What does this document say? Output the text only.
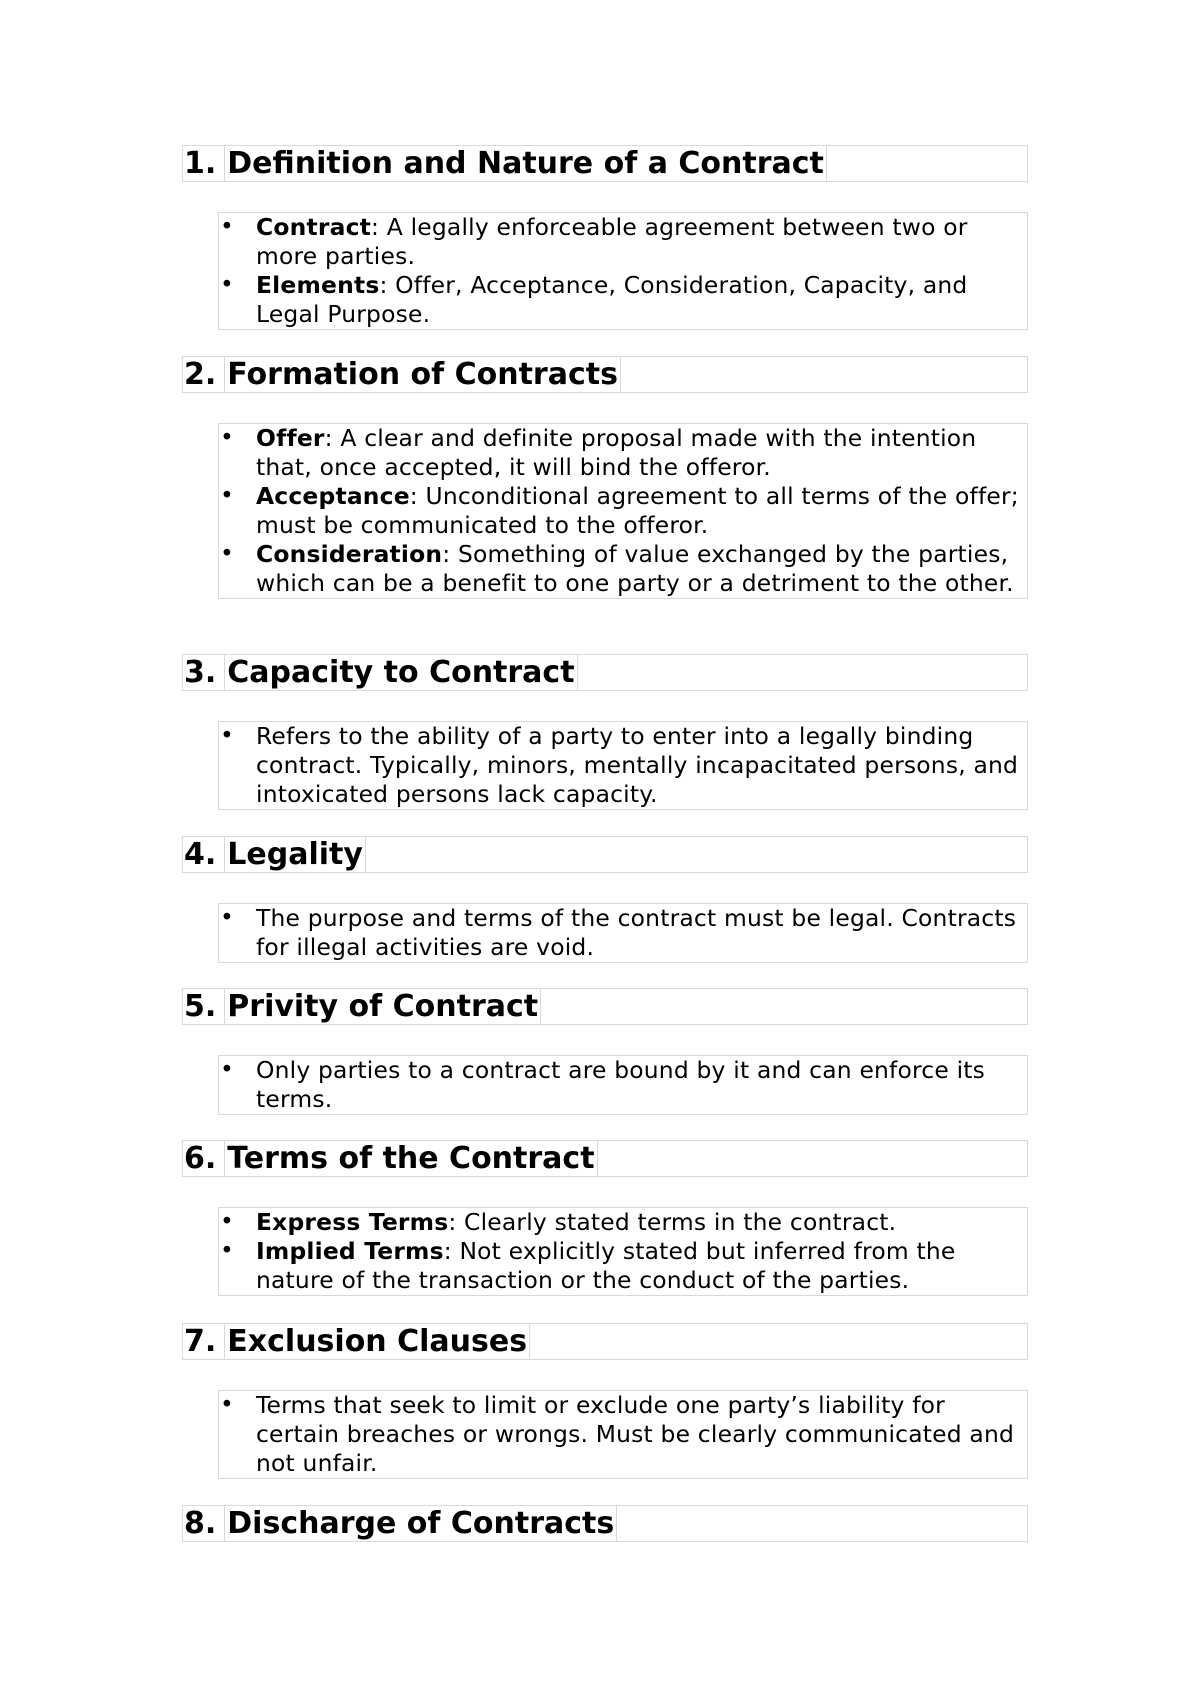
1. Definition and Nature of a Contract
• Contract: A legally enforceable agreement between two or more parties.
• Elements: Offer, Acceptance, Consideration, Capacity, and Legal Purpose.
2. Formation of Contracts
• Offer: A clear and definite proposal made with the intention that, once accepted, it will bind the offeror.
• Acceptance: Unconditional agreement to all terms of the offer; must be communicated to the offeror.
• Consideration: Something of value exchanged by the parties, which can be a benefit to one party or a detriment to the other.
3. Capacity to Contract
• Refers to the ability of a party to enter into a legally binding contract. Typically, minors, mentally incapacitated persons, and intoxicated persons lack capacity.
4. Legality
• The purpose and terms of the contract must be legal. Contracts for illegal activities are void.
5. Privity of Contract
• Only parties to a contract are bound by it and can enforce its terms.
6. Terms of the Contract
• Express Terms: Clearly stated terms in the contract.
• Implied Terms: Not explicitly stated but inferred from the nature of the transaction or the conduct of the parties.
7. Exclusion Clauses
• Terms that seek to limit or exclude one party’s liability for certain breaches or wrongs. Must be clearly communicated and not unfair.
8. Discharge of Contracts
